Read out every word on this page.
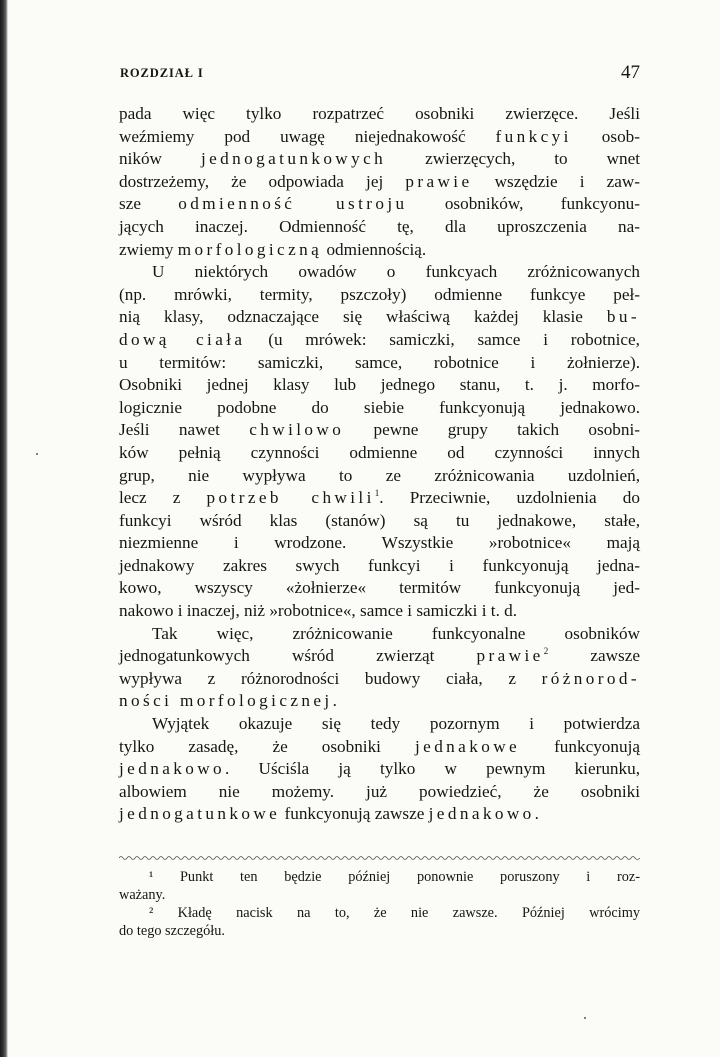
ROZDZIAŁ I	47
pada więc tylko rozpatrzeć osobniki zwierzęce. Jeśli
weźmiemy pod uwagę niejednakowość funkcyi osob-
ników jednogatunkowych zwierzęcych, to wnet
dostrzeżemy, że odpowiada jej prawie wszędzie i zaw-
sze odmienność ustroju osobników, funkcyonu-
jących inaczej. Odmienność tę, dla uproszczenia na-
zwiemy morfologiczną odmiennością.
U niektórych owadów o funkcyach zróżnicowanych
(np. mrówki, termity, pszczoły) odmienne funkcye peł-
nią klasy, odznaczające się właściwą każdej klasie bu-
dową ciała (u mrówek: samiczki, samce i robotnice,
u termitów: samiczki, samce, robotnice i żołnierze).
Osobniki jednej klasy lub jednego stanu, t. j. morfo-
logicznie podobne do siebie funkcyonują jednakowo.
Jeśli nawet chwilowo pewne grupy takich osobni-
ków pełnią czynności odmienne od czynności innych
grup, nie wypływa to ze zróżnicowania uzdolnień,
lecz z potrzeb chwili$^1$. Przeciwnie, uzdolnienia do
funkcyi wśród klas (stanów) są tu jednakowe, stałe,
niezmienne i wrodzone. Wszystkie »robotnice« mają
jednakowy zakres swych funkcyi i funkcyonują jedna-
kowo, wszyscy «żołnierze« termitów funkcyonują jed-
nakowo i inaczej, niż »robotnice«, samce i samiczki i t. d.
Tak więc, zróżnicowanie funkcyonalne osobników
jednogatunkowych wśród zwierząt prawie$^2$ zawsze
wypływa z różnorodności budowy ciała, z różnorod-
ności morfologicznej.
Wyjątek okazuje się tedy pozornym i potwierdza
tylko zasadę, że osobniki jednakowe funkcyonują
jednakowo. Uściśla ją tylko w pewnym kierunku,
albowiem nie możemy. już powiedzieć, że osobniki
jednogatunkowe funkcyonują zawsze jednakowo.
¹ Punkt ten będzie później ponownie poruszony i roz-
ważany.
² Kładę nacisk na to, że nie zawsze. Później wrócimy
do tego szczegółu.
